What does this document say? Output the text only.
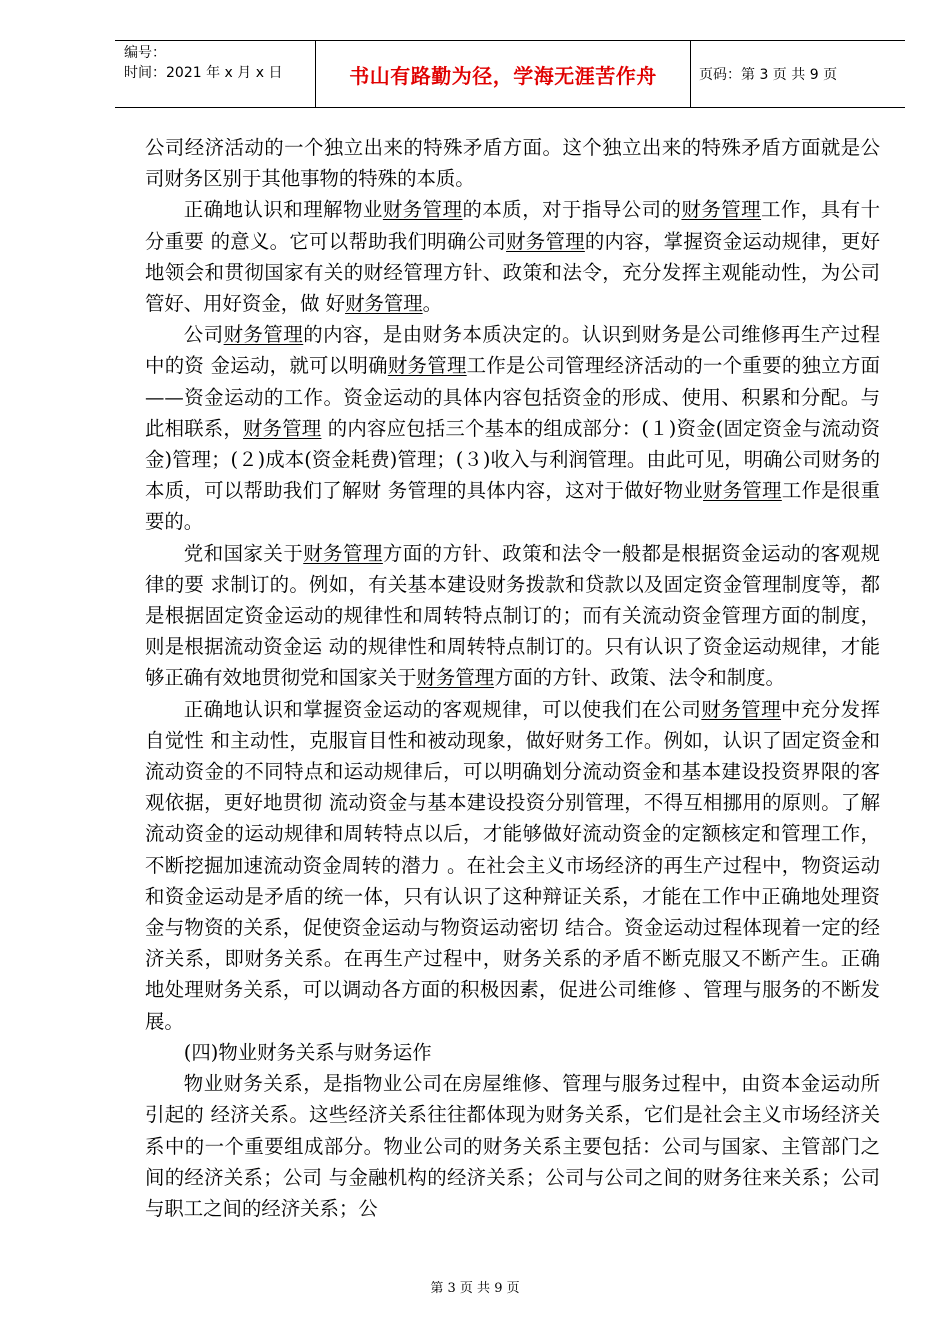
编号：
时间：2021 年 x 月 x 日	书山有路勤为径，学海无涯苦作舟	页码：第 3 页 共 9 页

公司经济活动的一个独立出来的特殊矛盾方面。这个独立出来的特殊矛盾方面就是公司财务区别于其他事物的特殊的本质。

正确地认识和理解物业财务管理的本质，对于指导公司的财务管理工作，具有十分重要 的意义。它可以帮助我们明确公司财务管理的内容，掌握资金运动规律，更好地领会和贯彻国家有关的财经管理方针、政策和法令，充分发挥主观能动性，为公司管好、用好资金，做 好财务管理。

公司财务管理的内容，是由财务本质决定的。认识到财务是公司维修再生产过程中的资 金运动，就可以明确财务管理工作是公司管理经济活动的一个重要的独立方面——资金运动的工作。资金运动的具体内容包括资金的形成、使用、积累和分配。与此相联系，财务管理 的内容应包括三个基本的组成部分：(１)资金(固定资金与流动资金)管理；(２)成本(资金耗费)管理；(３)收入与利润管理。由此可见，明确公司财务的本质，可以帮助我们了解财 务管理的具体内容，这对于做好物业财务管理工作是很重要的。

党和国家关于财务管理方面的方针、政策和法令一般都是根据资金运动的客观规律的要 求制订的。例如，有关基本建设财务拨款和贷款以及固定资金管理制度等，都是根据固定资金运动的规律性和周转特点制订的；而有关流动资金管理方面的制度，则是根据流动资金运 动的规律性和周转特点制订的。只有认识了资金运动规律，才能够正确有效地贯彻党和国家关于财务管理方面的方针、政策、法令和制度。

正确地认识和掌握资金运动的客观规律，可以使我们在公司财务管理中充分发挥自觉性 和主动性，克服盲目性和被动现象，做好财务工作。例如，认识了固定资金和流动资金的不同特点和运动规律后，可以明确划分流动资金和基本建设投资界限的客观依据，更好地贯彻 流动资金与基本建设投资分别管理，不得互相挪用的原则。了解流动资金的运动规律和周转特点以后，才能够做好流动资金的定额核定和管理工作，不断挖掘加速流动资金周转的潜力 。在社会主义市场经济的再生产过程中，物资运动和资金运动是矛盾的统一体，只有认识了这种辩证关系，才能在工作中正确地处理资金与物资的关系，促使资金运动与物资运动密切 结合。资金运动过程体现着一定的经济关系，即财务关系。在再生产过程中，财务关系的矛盾不断克服又不断产生。正确地处理财务关系，可以调动各方面的积极因素，促进公司维修 、管理与服务的不断发展。

(四)物业财务关系与财务运作

物业财务关系，是指物业公司在房屋维修、管理与服务过程中，由资本金运动所引起的 经济关系。这些经济关系往往都体现为财务关系，它们是社会主义市场经济关系中的一个重要组成部分。物业公司的财务关系主要包括：公司与国家、主管部门之间的经济关系；公司 与金融机构的经济关系；公司与公司之间的财务往来关系；公司与职工之间的经济关系；公

第 3 页 共 9 页
